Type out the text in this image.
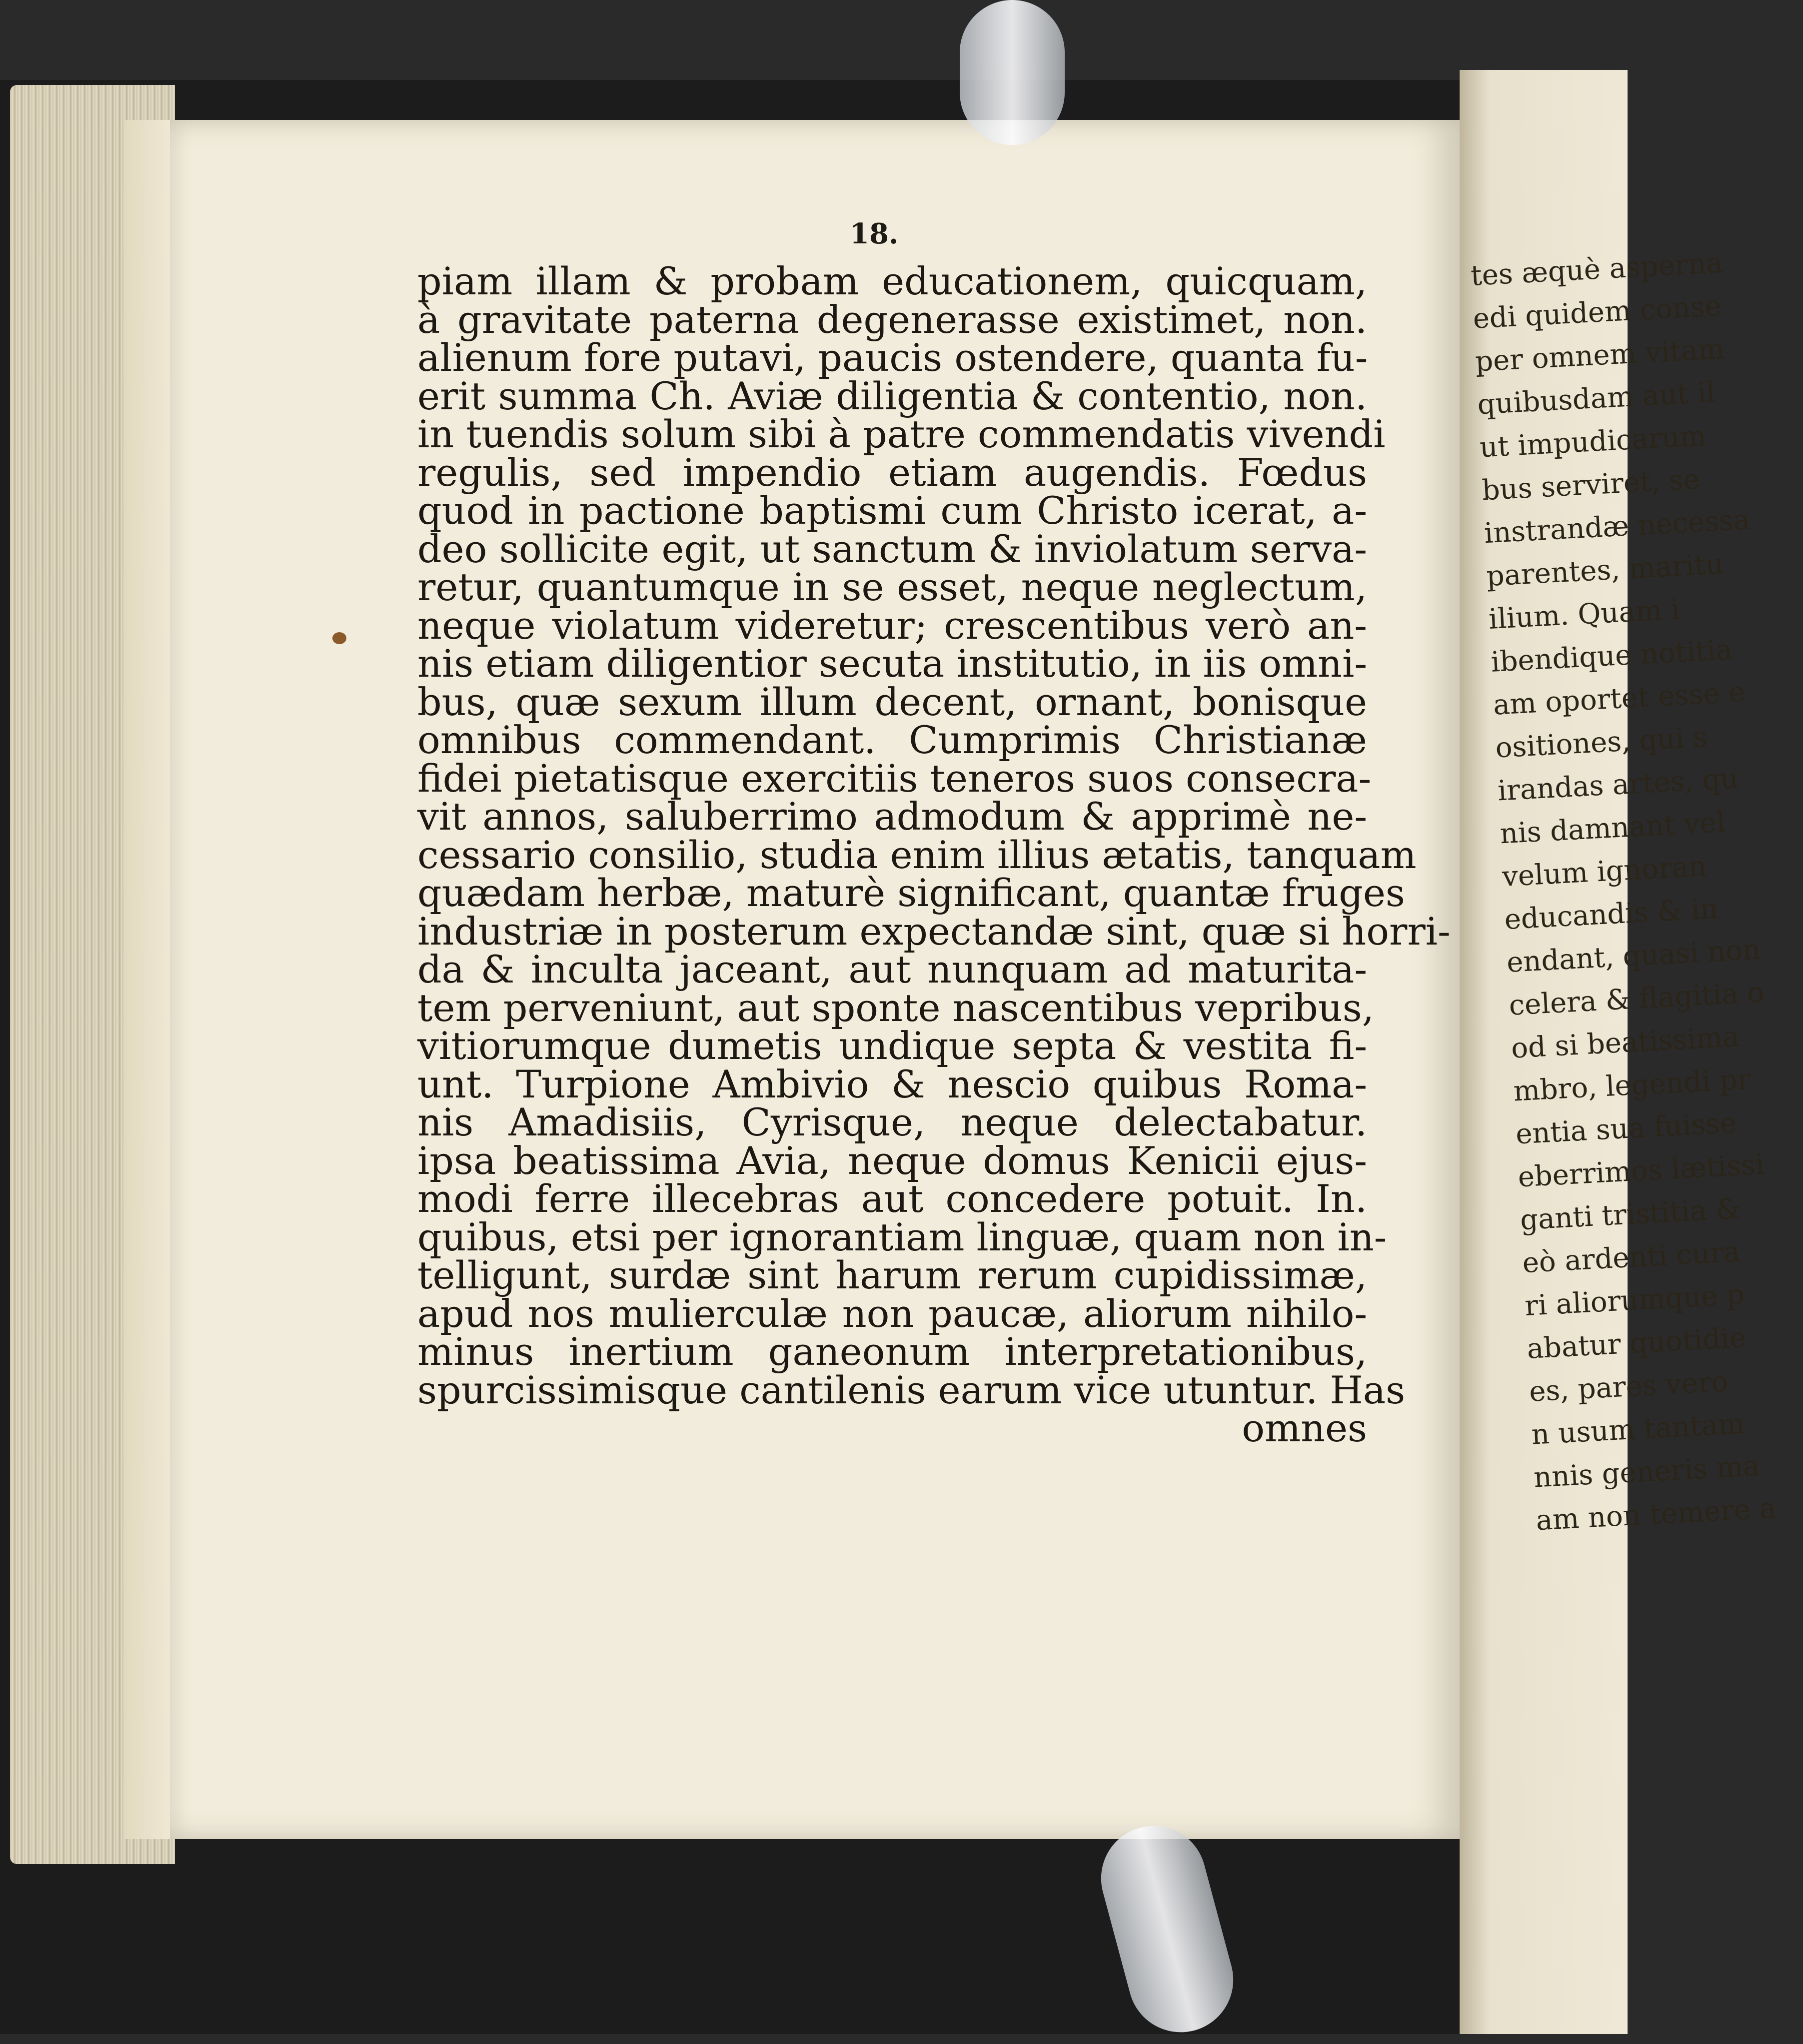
tes æquè asperna
edi quidem conse
per omnem vitam
quibusdam aut il
ut impudicarum
bus serviret, se
instrandæ necessa
parentes, maritu
ilium. Quam i
ibendique notitia
am oportet esse e
ositiones, qui s
irandas artes, qu
nis damnant vel
velum ignoran
educandis & in
endant, quasi non
celera & flagitia o
od si beatissima
mbro, legendi pr
entia sua fuisse
eberrimos lætissi
ganti tristitia &
eò ardenti cura
ri aliorumque p
abatur quotidie
es, pares vero
n usum tantam
nnis generis ma
am non temere a
18.
piam illam & probam educationem, quicquam,
à gravitate paterna degenerasse existimet, non.
alienum fore putavi, paucis ostendere, quanta fu-
erit summa Ch. Aviæ diligentia & contentio, non.
in tuendis solum sibi à patre commendatis vivendi
regulis, sed impendio etiam augendis. Fœdus
quod in pactione baptismi cum Christo icerat, a-
deo sollicite egit, ut sanctum & inviolatum serva-
retur, quantumque in se esset, neque neglectum,
neque violatum videretur; crescentibus verò an-
nis etiam diligentior secuta institutio, in iis omni-
bus, quæ sexum illum decent, ornant, bonisque
omnibus commendant. Cumprimis Christianæ
fidei pietatisque exercitiis teneros suos consecra-
vit annos, saluberrimo admodum & apprimè ne-
cessario consilio, studia enim illius ætatis, tanquam
quædam herbæ, maturè significant, quantæ fruges
industriæ in posterum expectandæ sint, quæ si horri-
da & inculta jaceant, aut nunquam ad maturita-
tem perveniunt, aut sponte nascentibus vepribus,
vitiorumque dumetis undique septa & vestita fi-
unt. Turpione Ambivio & nescio quibus Roma-
nis Amadisiis, Cyrisque, neque delectabatur.
ipsa beatissima Avia, neque domus Kenicii ejus-
modi ferre illecebras aut concedere potuit. In.
quibus, etsi per ignorantiam linguæ, quam non in-
telligunt, surdæ sint harum rerum cupidissimæ,
apud nos mulierculæ non paucæ, aliorum nihilo-
minus inertium ganeonum interpretationibus,
spurcissimisque cantilenis earum vice utuntur. Has
omnes
